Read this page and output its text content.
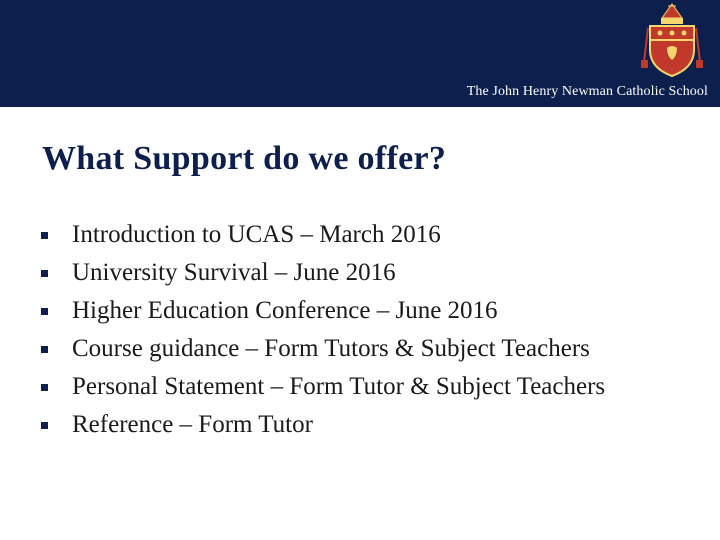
The John Henry Newman Catholic School
What Support do we offer?
Introduction to UCAS – March 2016
University Survival – June 2016
Higher Education Conference – June 2016
Course guidance – Form Tutors & Subject Teachers
Personal Statement – Form Tutor & Subject Teachers
Reference – Form Tutor
